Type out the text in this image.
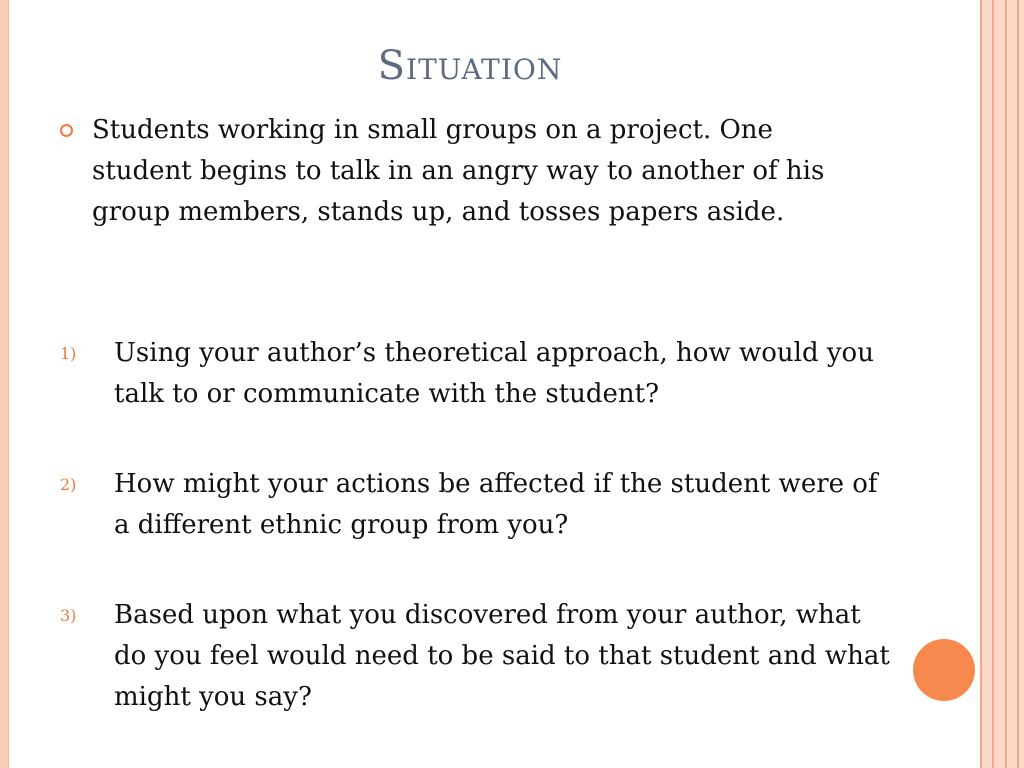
Situation
Students working in small groups on a project. One student begins to talk in an angry way to another of his group members, stands up, and tosses papers aside.
1)	Using your author’s theoretical approach, how would you talk to or communicate with the student?
2)	How might your actions be affected if the student were of a different ethnic group from you?
3)	Based upon what you discovered from your author, what do you feel would need to be said to that student and what might you say?
